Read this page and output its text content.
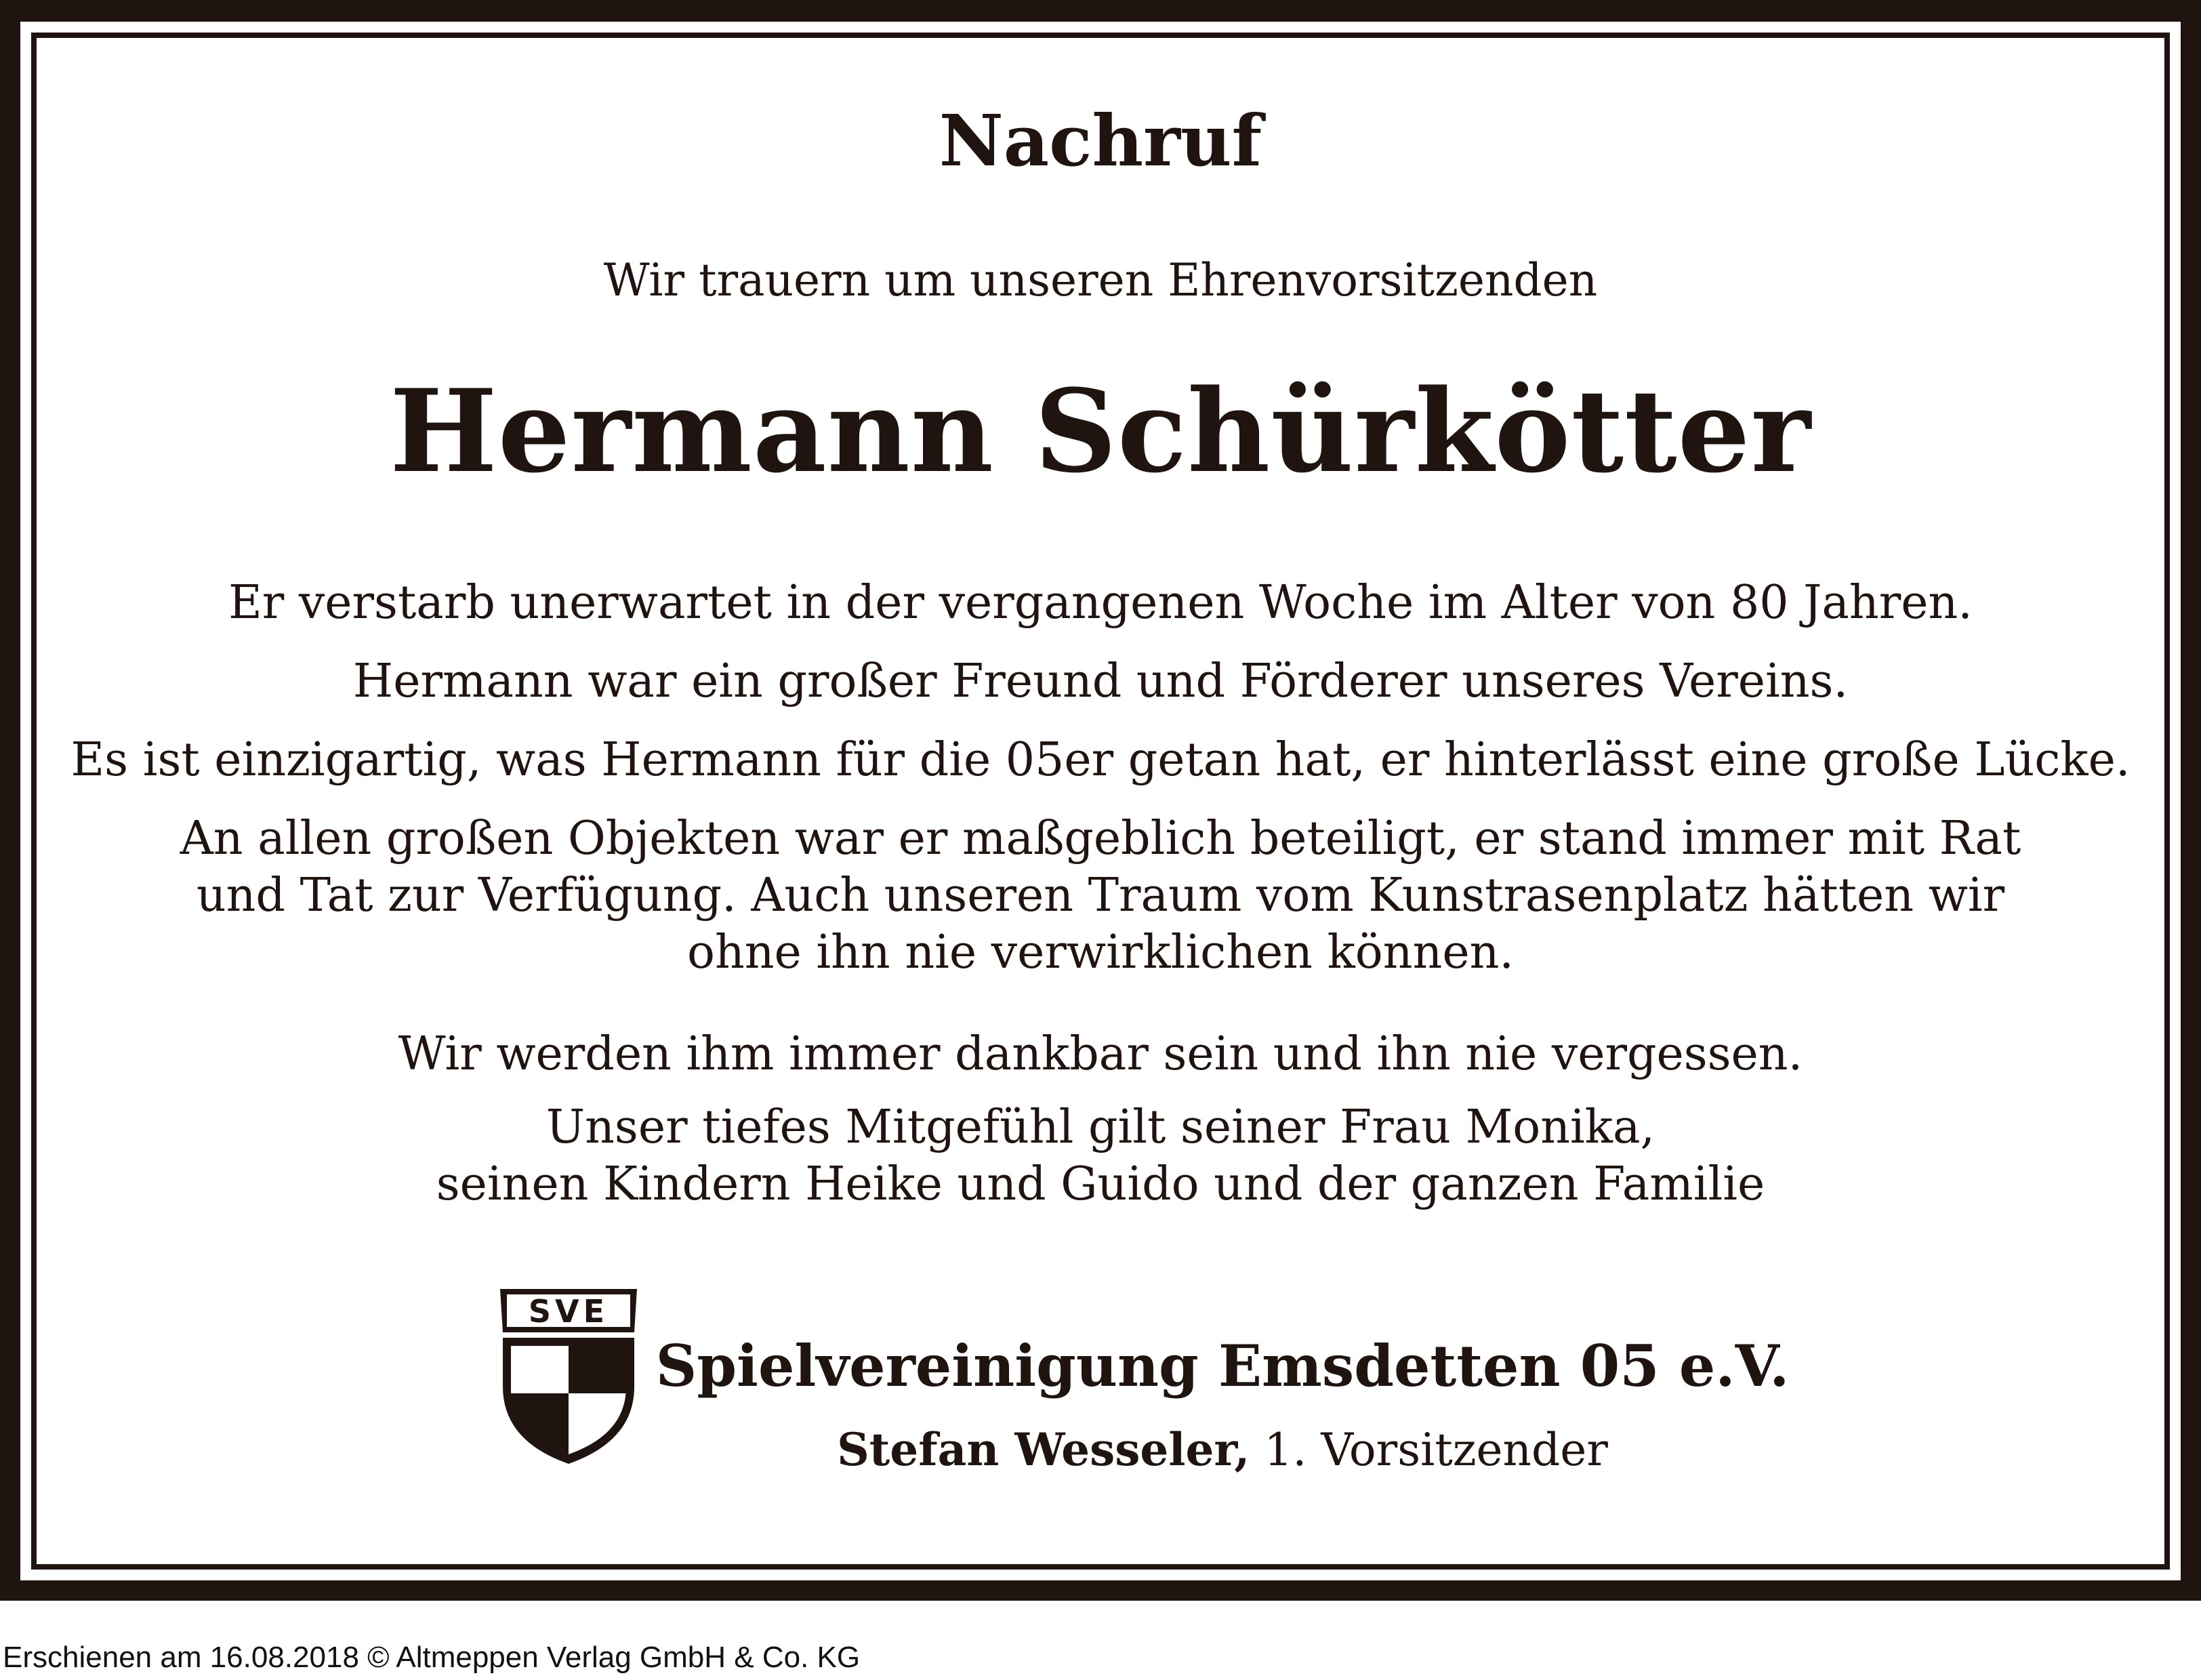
Nachruf
Wir trauern um unseren Ehrenvorsitzenden
Hermann Schürkötter
Er verstarb unerwartet in der vergangenen Woche im Alter von 80 Jahren.
Hermann war ein großer Freund und Förderer unseres Vereins.
Es ist einzigartig, was Hermann für die 05er getan hat, er hinterlässt eine große Lücke.
An allen großen Objekten war er maßgeblich beteiligt, er stand immer mit Rat
und Tat zur Verfügung. Auch unseren Traum vom Kunstrasenplatz hätten wir
ohne ihn nie verwirklichen können.
Wir werden ihm immer dankbar sein und ihn nie vergessen.
Unser tiefes Mitgefühl gilt seiner Frau Monika,
seinen Kindern Heike und Guido und der ganzen Familie
SVE
Spielvereinigung Emsdetten 05 e.V.
Stefan Wesseler, 1. Vorsitzender
Erschienen am 16.08.2018 © Altmeppen Verlag GmbH & Co. KG
